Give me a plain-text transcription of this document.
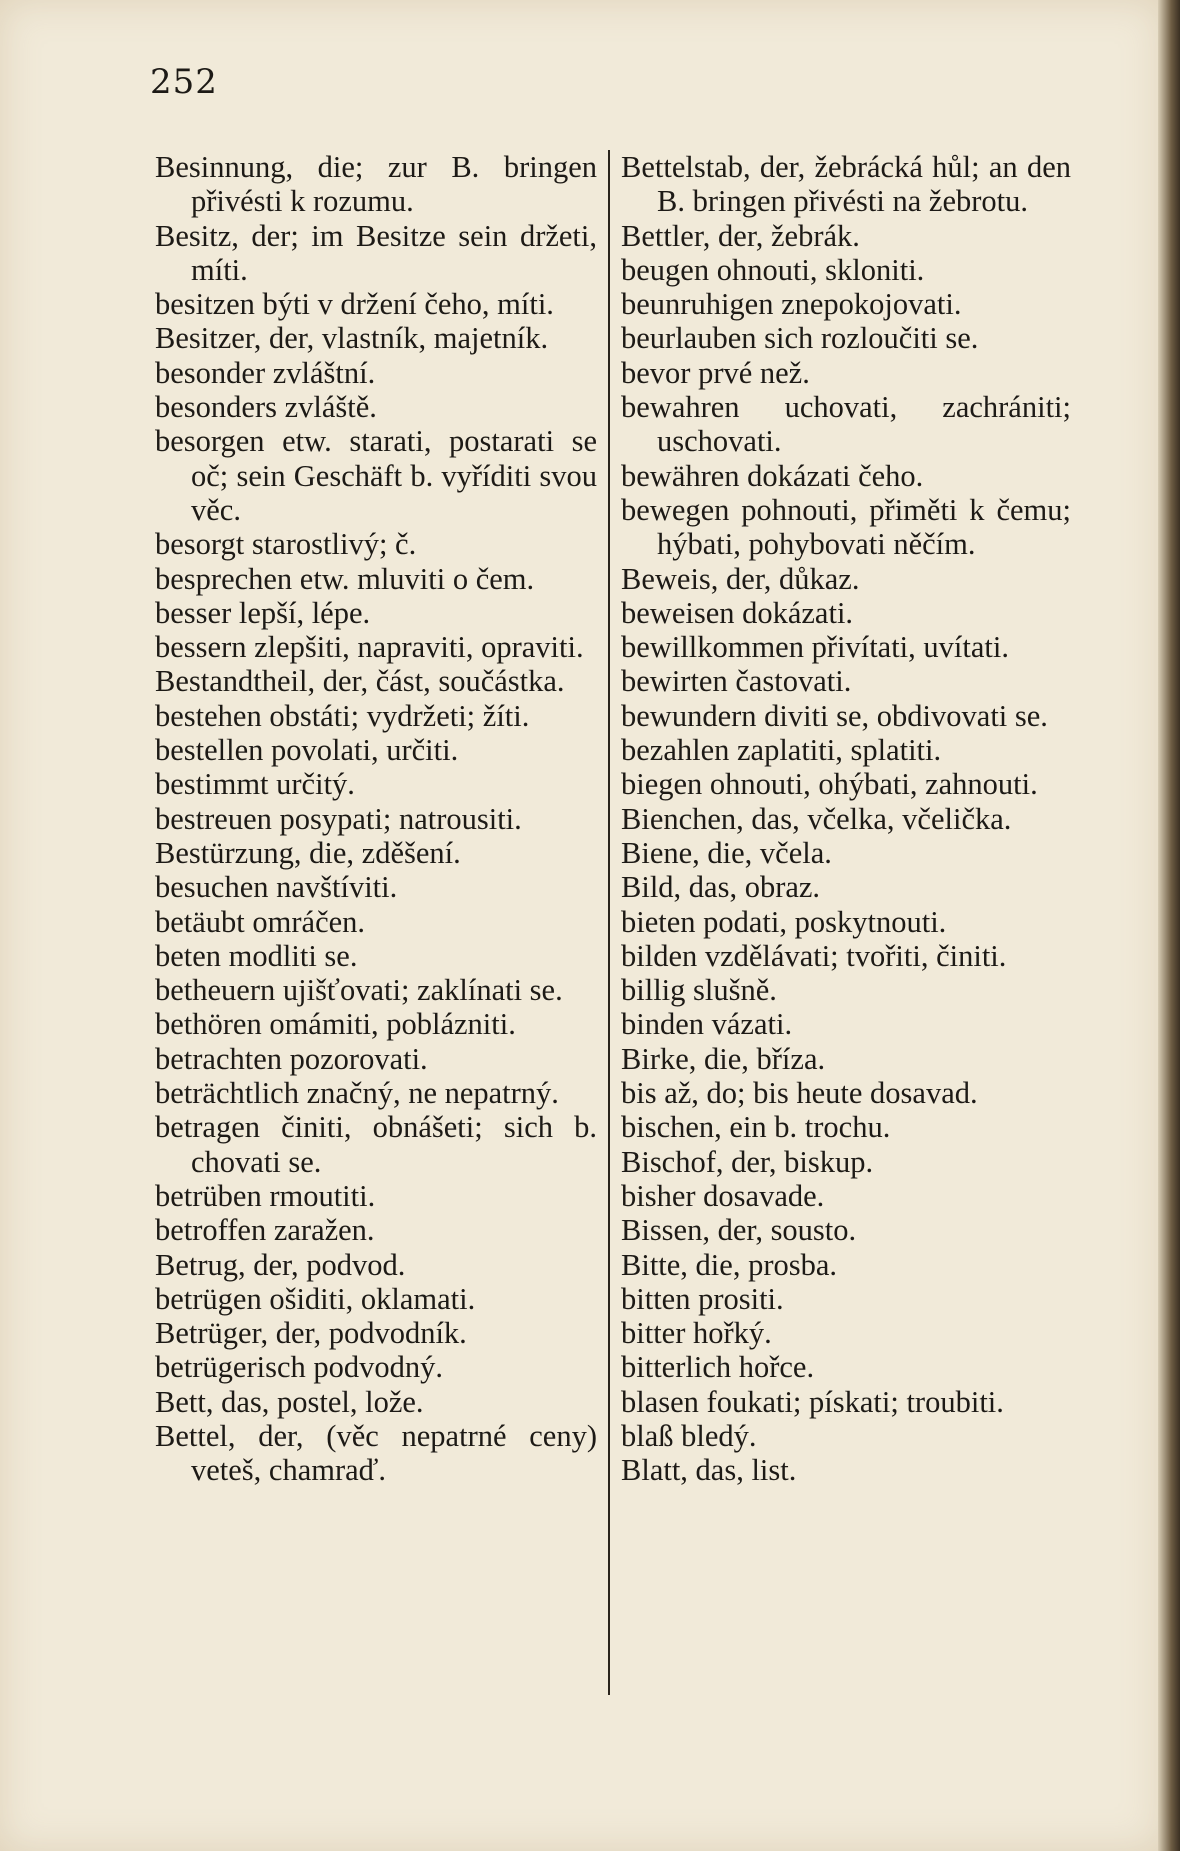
252
Besinnung, die; zur B. bringen přivésti k rozumu.
Besitz, der; im Besitze sein držeti, míti.
besitzen býti v držení čeho, míti.
Besitzer, der, vlastník, majetník.
besonder zvláštní.
besonders zvláště.
besorgen etw. starati, postarati se oč; sein Geschäft b. vyříditi svou věc.
besorgt starostlivý; č.
besprechen etw. mluviti o čem.
besser lepší, lépe.
bessern zlepšiti, napraviti, opraviti.
Bestandtheil, der, část, součástka.
bestehen obstáti; vydržeti; žíti.
bestellen povolati, určiti.
bestimmt určitý.
bestreuen posypati; natrousiti.
Bestürzung, die, zděšení.
besuchen navštíviti.
betäubt omráčen.
beten modliti se.
betheuern ujišťovati; zaklínati se.
bethören omámiti, poblázniti.
betrachten pozorovati.
beträchtlich značný, ne nepatrný.
betragen činiti, obnášeti; sich b. chovati se.
betrüben rmoutiti.
betroffen zaražen.
Betrug, der, podvod.
betrügen ošiditi, oklamati.
Betrüger, der, podvodník.
betrügerisch podvodný.
Bett, das, postel, lože.
Bettel, der, (věc nepatrné ceny) veteš, chamraď.
Bettelstab, der, žebrácká hůl; an den B. bringen přivésti na žebrotu.
Bettler, der, žebrák.
beugen ohnouti, skloniti.
beunruhigen znepokojovati.
beurlauben sich rozloučiti se.
bevor prvé než.
bewahren uchovati, zachrániti; uschovati.
bewähren dokázati čeho.
bewegen pohnouti, přiměti k čemu; hýbati, pohybovati něčím.
Beweis, der, důkaz.
beweisen dokázati.
bewillkommen přivítati, uvítati.
bewirten častovati.
bewundern diviti se, obdivovati se.
bezahlen zaplatiti, splatiti.
biegen ohnouti, ohýbati, zahnouti.
Bienchen, das, včelka, včelička.
Biene, die, včela.
Bild, das, obraz.
bieten podati, poskytnouti.
bilden vzdělávati; tvořiti, činiti.
billig slušně.
binden vázati.
Birke, die, bříza.
bis až, do; bis heute dosavad.
bischen, ein b. trochu.
Bischof, der, biskup.
bisher dosavade.
Bissen, der, sousto.
Bitte, die, prosba.
bitten prositi.
bitter hořký.
bitterlich hořce.
blasen foukati; pískati; troubiti.
blaß bledý.
Blatt, das, list.
